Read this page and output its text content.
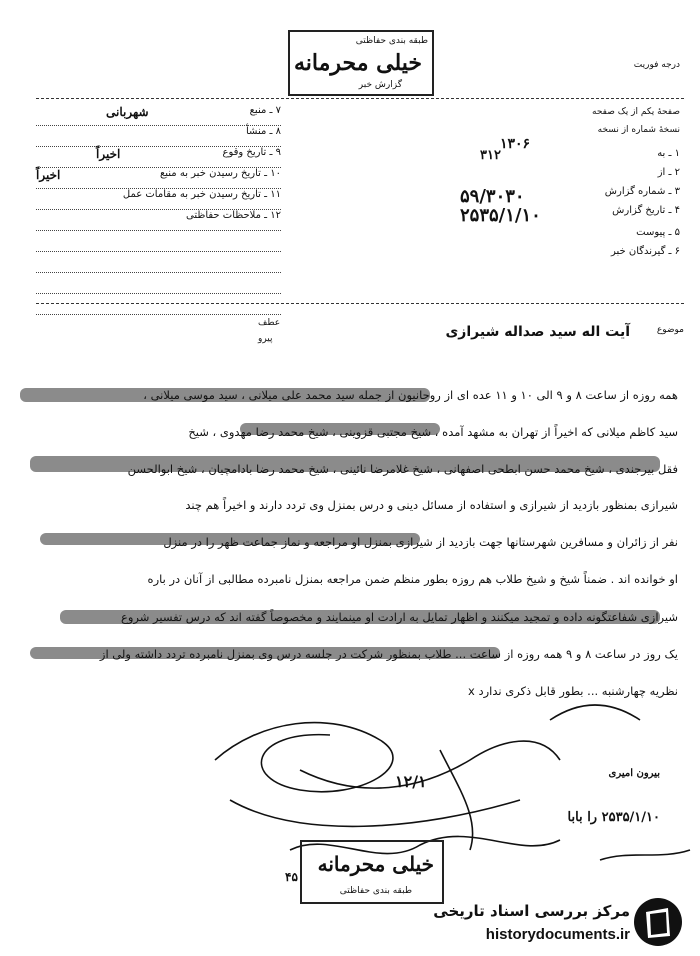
طبقه بندی حفاظتی
خیلی محرمانه
گزارش خبر
درجه فوریت
صفحهٔ یکم از یک صفحه
نسخهٔ شماره از نسخه
۱۳۰۶
۱ ـ به
۳۱۲
۲ ـ از
۳ ـ شماره گزارش
۵۹/۳۰۳۰
۴ ـ تاریخ گزارش
۲۵۳۵/۱/۱۰
۵ ـ پیوست
۶ ـ گیرندگان خبر
۷ ـ منبع
شهربانی
۸ ـ منشأ
۹ ـ تاریخ وقوع
اخیراً
۱۰ ـ تاریخ رسیدن خبر به منبع
اخیراً
۱۱ ـ تاریخ رسیدن خبر به مقامات عمل
۱۲ ـ ملاحظات حفاظتی
عطف
پیرو
موضوع
آیت اله سید صداله شیرازی
همه روزه از ساعت ۸ و ۹ الی ۱۰ و ۱۱ عده ای از روحانیون از جمله سید محمد علی میلانی ، سید موسی میلانی ،
سید کاظم میلانی که اخیراً از تهران به مشهد آمده ، شیخ مجتبی قزوینی ، شیخ محمد رضا مهدوی ، شیخ
فقل بیرجندی ، شیخ محمد حسن ابطحی اصفهانی ، شیخ غلامرضا نائینی ، شیخ محمد رضا بادامچیان ، شیخ ابوالحسن
شیرازی بمنظور بازدید از شیرازی و استفاده از مسائل دینی و درس بمنزل وی تردد دارند و اخیراً هم چند
نفر از زائران و مسافرین شهرستانها جهت بازدید از شیرازی بمنزل او مراجعه و نماز جماعت ظهر را در منزل
او خوانده اند . ضمناً شیخ و شیخ طلاب هم روزه بطور منظم ضمن مراجعه بمنزل نامبرده مطالبی از آنان در باره
شیرازی شفاعتگونه داده و تمجید میکنند و اظهار تمایل به ارادت او مینمایند و مخصوصاً گفته اند که درس تفسیر شروع
یک روز در ساعت ۸ و ۹ همه روزه از ساعت ... طلاب بمنظور شرکت در جلسه درس وی بمنزل نامبرده تردد داشته ولی از
نظریه چهارشنبه ... بطور قابل ذکری ندارد x
۱۲/۱	بیرون امیری
۲۵۳۵/۱/۱۰ را بابا
خیلی محرمانه
طبقه بندی حفاظتی
۴۵
مرکز بررسی اسناد تاریخی
historydocuments.ir
